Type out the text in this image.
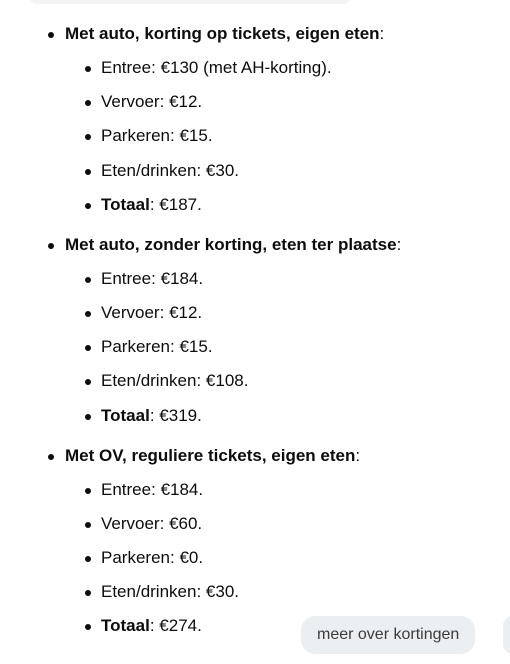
Met auto, korting op tickets, eigen eten:
Entree: €130 (met AH-korting).
Vervoer: €12.
Parkeren: €15.
Eten/drinken: €30.
Totaal: €187.
Met auto, zonder korting, eten ter plaatse:
Entree: €184.
Vervoer: €12.
Parkeren: €15.
Eten/drinken: €108.
Totaal: €319.
Met OV, reguliere tickets, eigen eten:
Entree: €184.
Vervoer: €60.
Parkeren: €0.
Eten/drinken: €30.
Totaal: €274.	meer over kortingen
